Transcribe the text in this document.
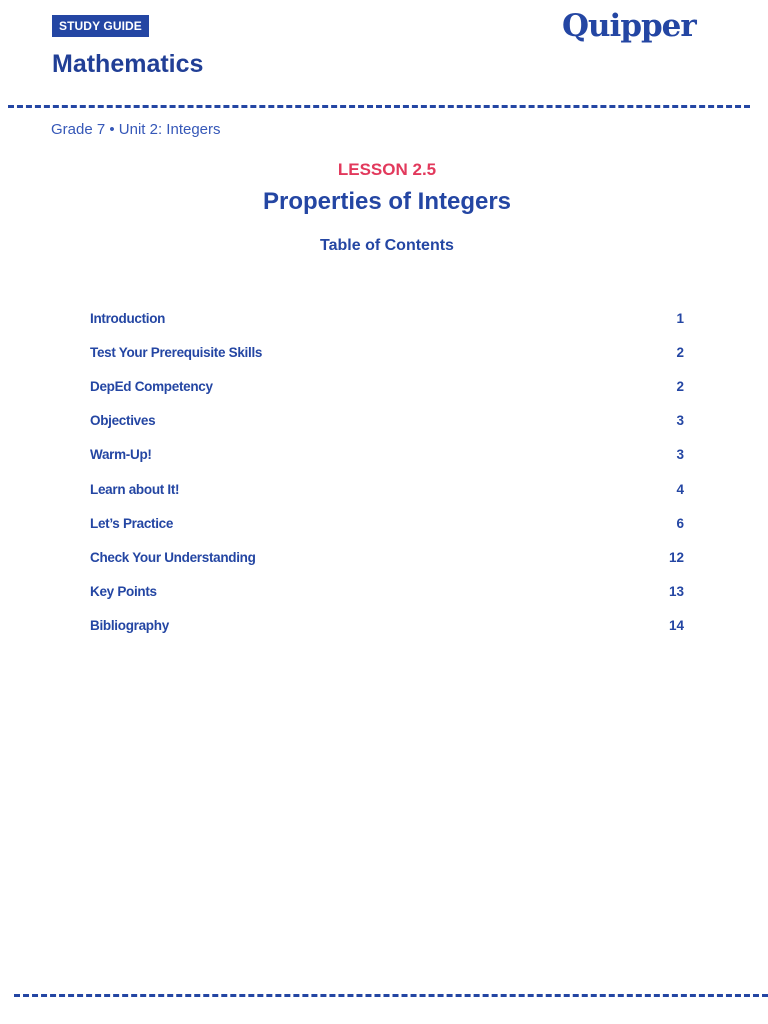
STUDY GUIDE
Mathematics
Quipper
Grade 7 • Unit 2: Integers
LESSON 2.5
Properties of Integers
Table of Contents
Introduction	1
Test Your Prerequisite Skills	2
DepEd Competency	2
Objectives	3
Warm-Up!	3
Learn about It!	4
Let’s Practice	6
Check Your Understanding	12
Key Points	13
Bibliography	14
